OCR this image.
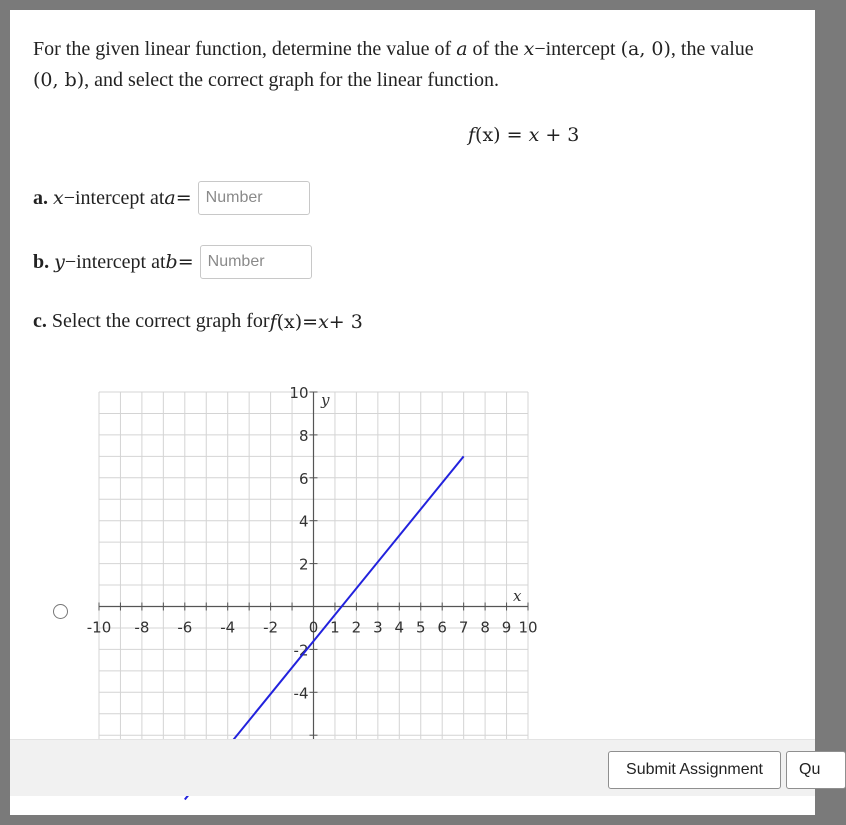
For the given linear function, determine the value of a of the x−intercept (a, 0), the value
(0, b), and select the correct graph for the linear function.
f(x) = x + 3
a. x −intercept at a =
Number
b. y −intercept at b =
Number
c. Select the correct graph for f (x) = x + 3
-10 -8 -6 -4 -2 0 1 2 3 4 5 6 7 8 9 10
10
8
6
4
2
-2
-4
x
y
Submit Assignment	Qu
